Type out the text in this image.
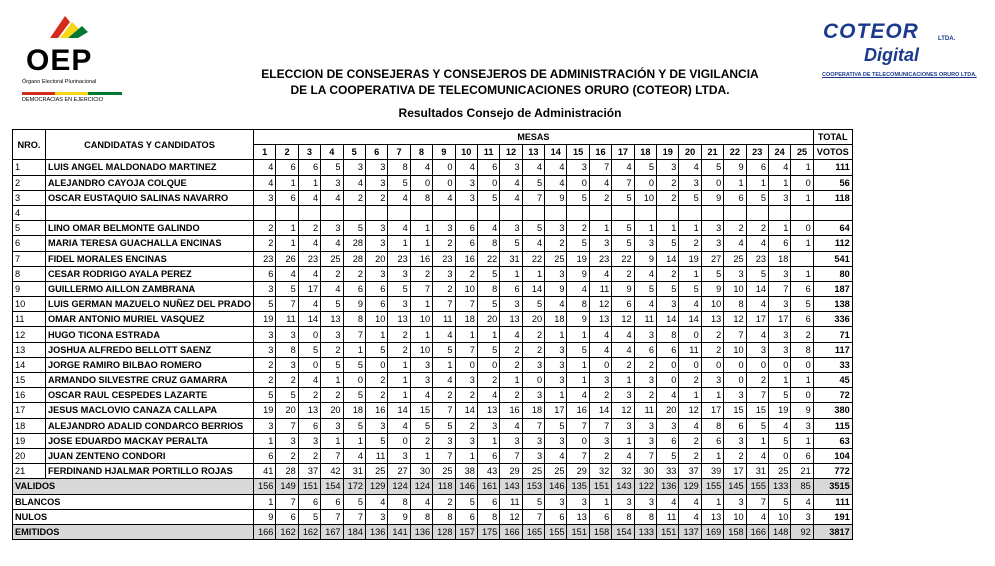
OEP
Órgano Electoral Plurinacional
DEMOCRACIAS EN EJERCICIO
COTEOR	LTDA.
Digital
COOPERATIVA DE TELECOMUNICACIONES ORURO LTDA.
ELECCION DE CONSEJERAS Y CONSEJEROS DE ADMINISTRACIÓN Y DE VIGILANCIA
DE LA COOPERATIVA DE TELECOMUNICACIONES ORURO (COTEOR) LTDA.
Resultados Consejo de Administración
NRO.	CANDIDATAS Y CANDIDATOS	MESAS																									TOTAL
		1	2	3	4	5	6	7	8	9	10	11	12	13	14	15	16	17	18	19	20	21	22	23	24	25	VOTOS
1	LUIS ANGEL MALDONADO MARTINEZ	4	6	6	5	3	3	8	4	0	4	6	3	4	4	3	7	4	5	3	4	5	9	6	4	1	111
2	ALEJANDRO CAYOJA COLQUE	4	1	1	3	4	3	5	0	0	3	0	4	5	4	0	4	7	0	2	3	0	1	1	1	0	56
3	OSCAR EUSTAQUIO SALINAS NAVARRO	3	6	4	4	2	2	4	8	4	3	5	4	7	9	5	2	5	10	2	5	9	6	5	3	1	118
4																											
5	LINO OMAR BELMONTE GALINDO	2	1	2	3	5	3	4	1	3	6	4	3	5	3	2	1	5	1	1	1	3	2	2	1	0	64
6	MARIA TERESA GUACHALLA ENCINAS	2	1	4	4	28	3	1	1	2	6	8	5	4	2	5	3	5	3	5	2	3	4	4	6	1	112
7	FIDEL MORALES ENCINAS	23	26	23	25	28	20	23	16	23	16	22	31	22	25	19	23	22	9	14	19	27	25	23	18		541
8	CESAR RODRIGO AYALA PEREZ	6	4	4	2	2	3	3	2	3	2	5	1	1	3	9	4	2	4	2	1	5	3	5	3	1	80
9	GUILLERMO AILLON ZAMBRANA	3	5	17	4	6	6	5	7	2	10	8	6	14	9	4	11	9	5	5	5	9	10	14	7	6	187
10	LUIS GERMAN MAZUELO NUÑEZ DEL PRADO	5	7	4	5	9	6	3	1	7	7	5	3	5	4	8	12	6	4	3	4	10	8	4	3	5	138
11	OMAR ANTONIO MURIEL VASQUEZ	19	11	14	13	8	10	13	10	11	18	20	13	20	18	9	13	12	11	14	14	13	12	17	17	6	336
12	HUGO TICONA ESTRADA	3	3	0	3	7	1	2	1	4	1	1	4	2	1	1	4	4	3	8	0	2	7	4	3	2	71
13	JOSHUA ALFREDO BELLOTT SAENZ	3	8	5	2	1	5	2	10	5	7	5	2	2	3	5	4	4	6	6	11	2	10	3	3	8	117
14	JORGE RAMIRO BILBAO ROMERO	2	3	0	5	5	0	1	3	1	0	0	2	3	3	1	0	2	2	0	0	0	0	0	0	0	33
15	ARMANDO SILVESTRE CRUZ GAMARRA	2	2	4	1	0	2	1	3	4	3	2	1	0	3	1	3	1	3	0	2	3	0	2	1	1	45
16	OSCAR RAUL CESPEDES LAZARTE	5	5	2	2	5	2	1	4	2	2	4	2	3	1	4	2	3	2	4	1	1	3	7	5	0	72
17	JESUS MACLOVIO CANAZA CALLAPA	19	20	13	20	18	16	14	15	7	14	13	16	18	17	16	14	12	11	20	12	17	15	15	19	9	380
18	ALEJANDRO ADALID CONDARCO BERRIOS	3	7	6	3	5	3	4	5	5	2	3	4	7	5	7	7	3	3	3	4	8	6	5	4	3	115
19	JOSE EDUARDO MACKAY PERALTA	1	3	3	1	1	5	0	2	3	3	1	3	3	3	0	3	1	3	6	2	6	3	1	5	1	63
20	JUAN ZENTENO CONDORI	6	2	2	7	4	11	3	1	7	1	6	7	3	4	7	2	4	7	5	2	1	2	4	0	6	104
21	FERDINAND HJALMAR PORTILLO ROJAS	41	28	37	42	31	25	27	30	25	38	43	29	25	25	29	32	32	30	33	37	39	17	31	25	21	772
VALIDOS		156	149	151	154	172	129	124	124	118	146	161	143	153	146	135	151	143	122	136	129	155	145	155	133	85	3515
BLANCOS		1	7	6	6	5	4	8	4	2	5	6	11	5	3	3	1	3	3	4	4	1	3	7	5	4	111
NULOS		9	6	5	7	7	3	9	8	8	6	8	12	7	6	13	6	8	8	11	4	13	10	4	10	3	191
EMITIDOS		166	162	162	167	184	136	141	136	128	157	175	166	165	155	151	158	154	133	151	137	169	158	166	148	92	3817
